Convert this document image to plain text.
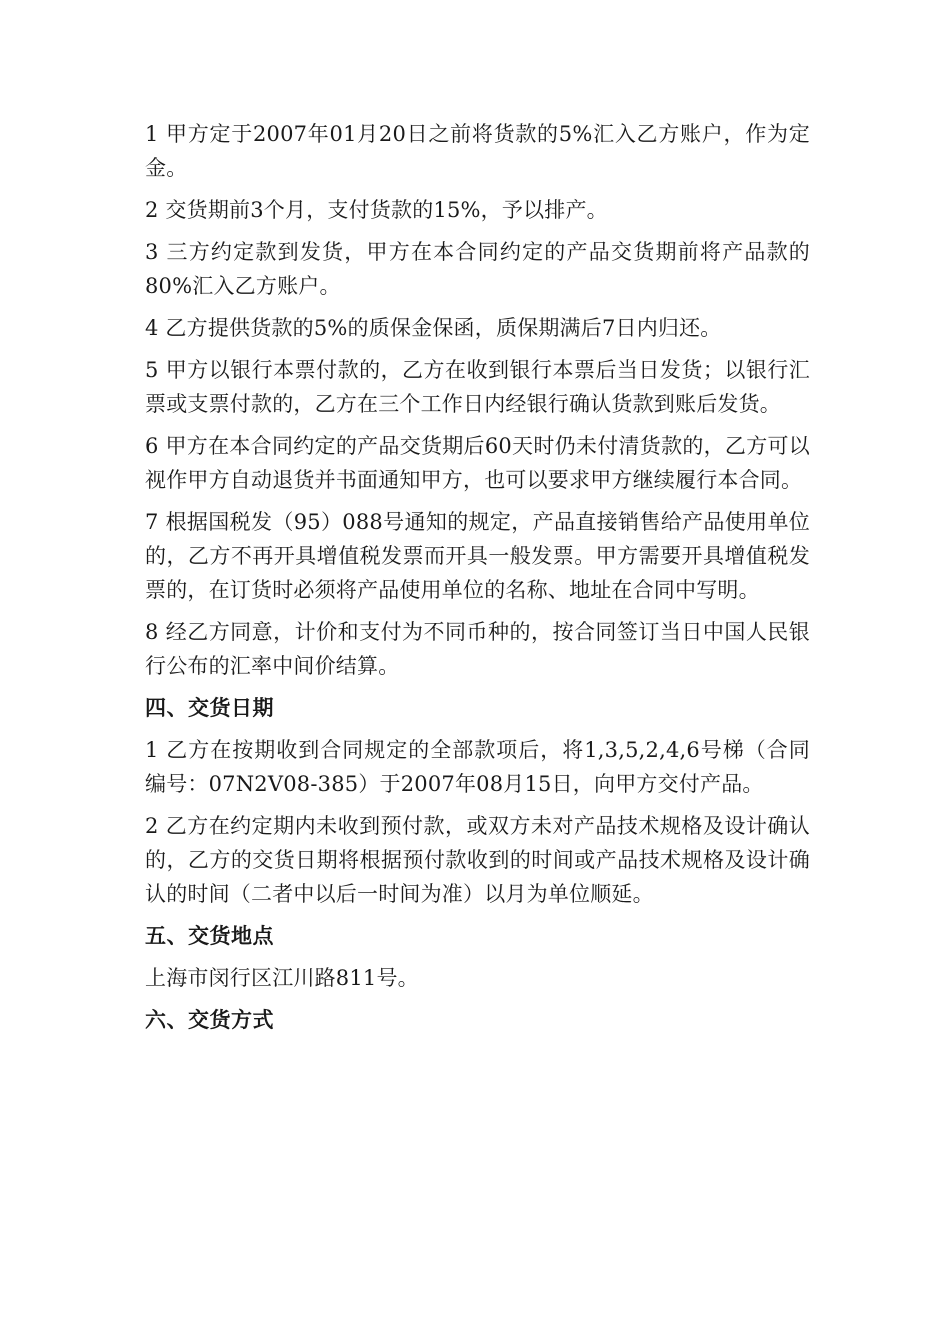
1 甲方定于2007年01月20日之前将货款的5%汇入乙方账户，作为定金。

2 交货期前3个月，支付货款的15%，予以排产。

3 三方约定款到发货，甲方在本合同约定的产品交货期前将产品款的80%汇入乙方账户。

4 乙方提供货款的5%的质保金保函，质保期满后7日内归还。

5 甲方以银行本票付款的，乙方在收到银行本票后当日发货；以银行汇票或支票付款的，乙方在三个工作日内经银行确认货款到账后发货。

6 甲方在本合同约定的产品交货期后60天时仍未付清货款的，乙方可以视作甲方自动退货并书面通知甲方，也可以要求甲方继续履行本合同。

7 根据国税发（95）088号通知的规定，产品直接销售给产品使用单位的，乙方不再开具增值税发票而开具一般发票。甲方需要开具增值税发票的，在订货时必须将产品使用单位的名称、地址在合同中写明。

8 经乙方同意，计价和支付为不同币种的，按合同签订当日中国人民银行公布的汇率中间价结算。

四、交货日期

1 乙方在按期收到合同规定的全部款项后，将1,3,5,2,4,6号梯（合同编号：07N2V08-385）于2007年08月15日，向甲方交付产品。

2 乙方在约定期内未收到预付款，或双方未对产品技术规格及设计确认的，乙方的交货日期将根据预付款收到的时间或产品技术规格及设计确认的时间（二者中以后一时间为准）以月为单位顺延。

五、交货地点

上海市闵行区江川路811号。

六、交货方式
